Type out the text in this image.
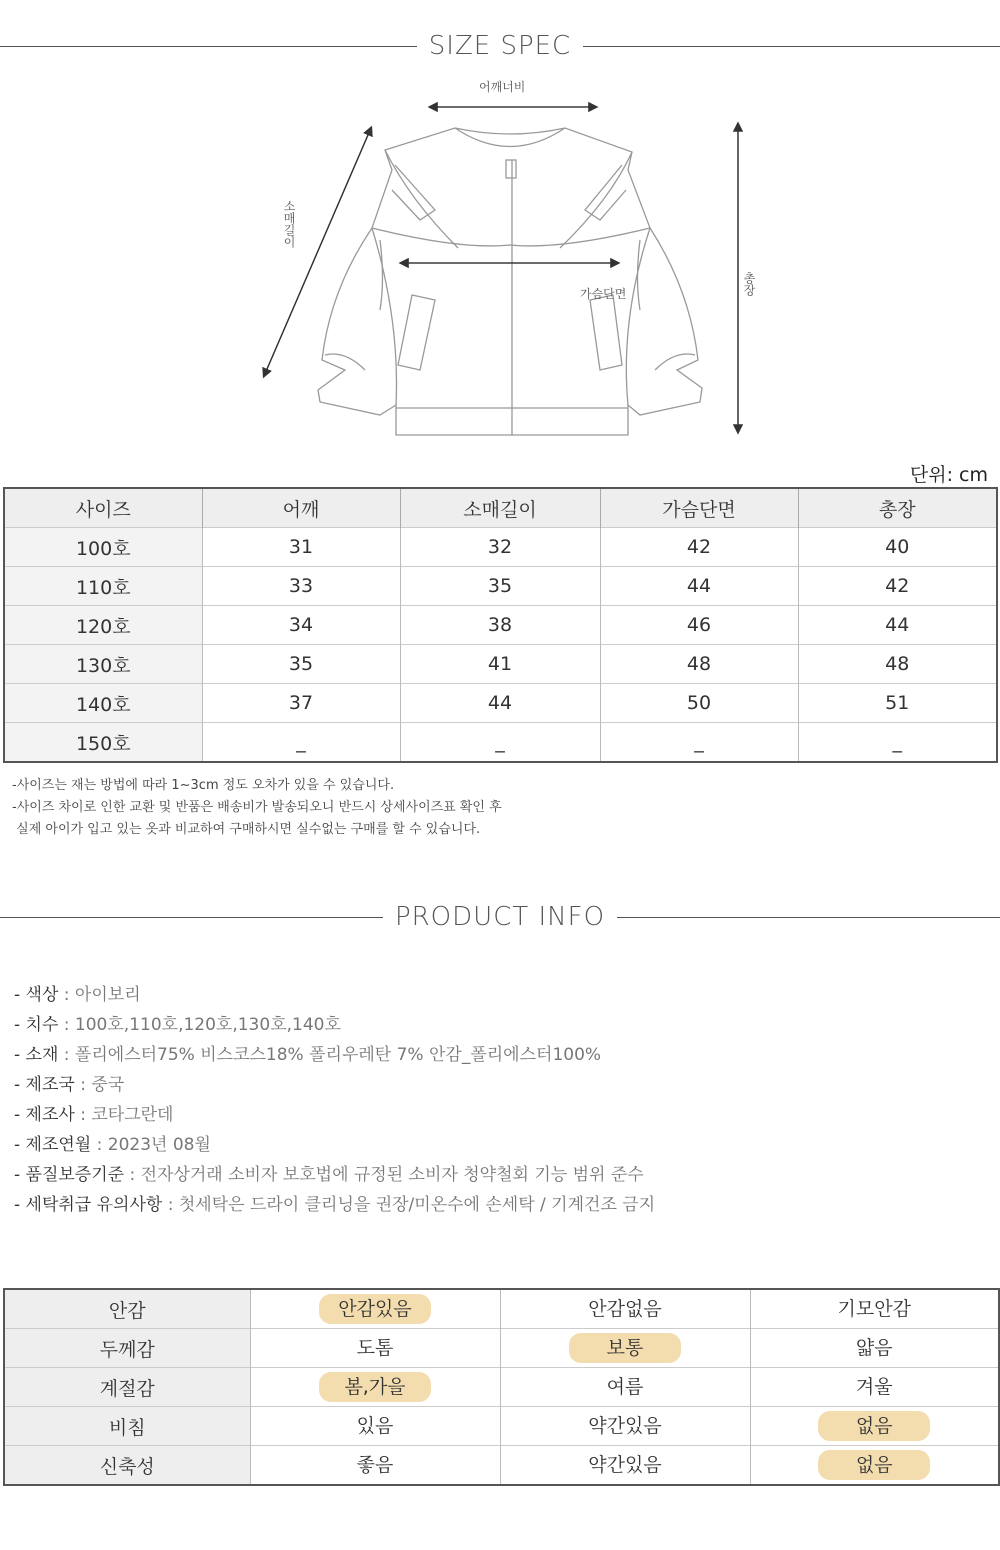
SIZE SPEC
어깨너비
소매길이
가슴단면	총장
단위: cm
사이즈	어깨	소매길이	가슴단면	총장
100호	31	32	42	40
110호	33	35	44	42
120호	34	38	46	44
130호	35	41	48	48
140호	37	44	50	51
150호	_	_	_	_
-사이즈는 재는 방법에 따라 1~3cm 정도 오차가 있을 수 있습니다.
-사이즈 차이로 인한 교환 및 반품은 배송비가 발송되오니 반드시 상세사이즈표 확인 후
실제 아이가 입고 있는 옷과 비교하여 구매하시면 실수없는 구매를 할 수 있습니다.
PRODUCT INFO
- 색상 : 아이보리
- 치수 : 100호,110호,120호,130호,140호
- 소재 : 폴리에스터75% 비스코스18% 폴리우레탄 7% 안감_폴리에스터100%
- 제조국 : 중국
- 제조사 : 코타그란데
- 제조연월 : 2023년 08월
- 품질보증기준 : 전자상거래 소비자 보호법에 규정된 소비자 청약철회 기능 범위 준수
- 세탁취급 유의사항 : 첫세탁은 드라이 클리닝을 권장/미온수에 손세탁 / 기계건조 금지
안감	안감있음	안감없음	기모안감
두께감	도톰	보통	얇음
계절감	봄,가을	여름	겨울
비침	있음	약간있음	없음
신축성	좋음	약간있음	없음
